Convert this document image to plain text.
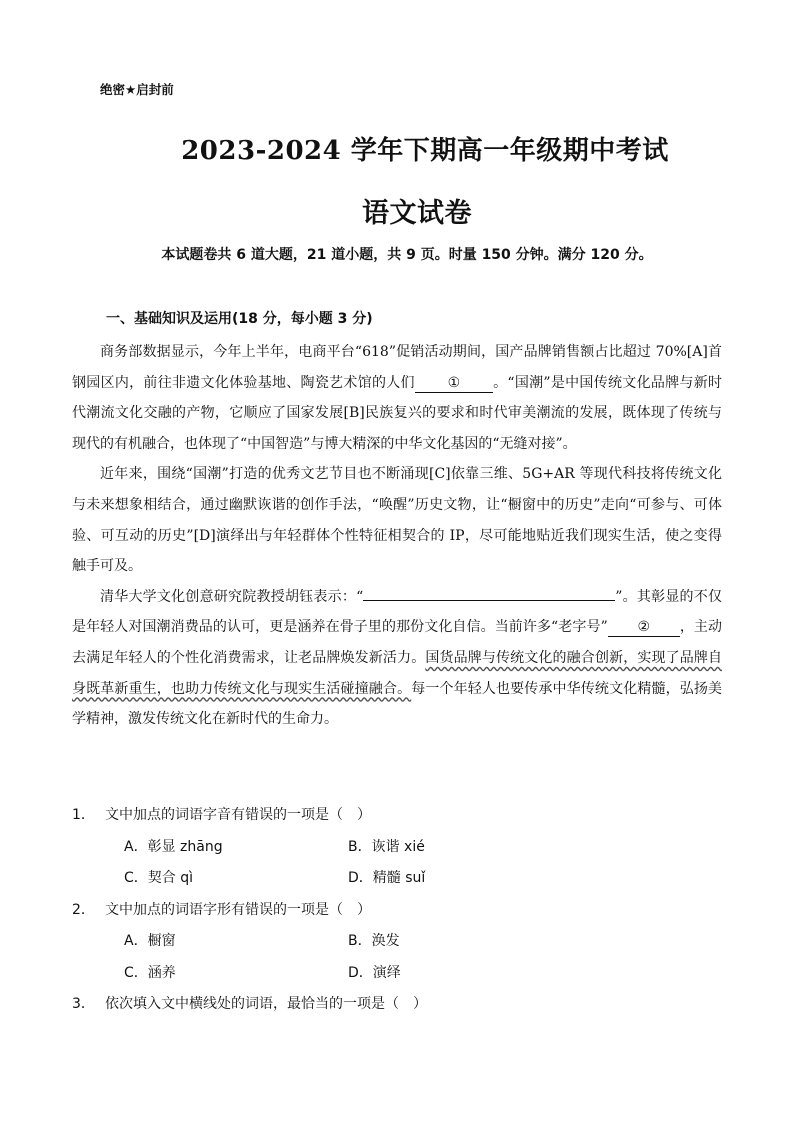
绝密★启封前
2023-2024 学年下期高一年级期中考试
语文试卷
本试题卷共 6 道大题，21 道小题，共 9 页。时量 150 分钟。满分 120 分。
一、基础知识及运用(18 分，每小题 3 分)

商务部数据显示，今年上半年，电商平台“618”促销活动期间，国产品牌销售额占比超过 70%[A]首钢园区内，前往非遗文化体验基地、陶瓷艺术馆的人们 ① 。“国潮”是中国传统文化品牌与新时代潮流文化交融的产物，它顺应了国家发展[B]民族复兴的要求和时代审美潮流的发展，既体现了传统与现代的有机融合，也体现了“中国智造”与博大精深的中华文化基因的“无缝对接”。

近年来，围绕“国潮”打造的优秀文艺节目也不断涌现[C]依靠三维、5G+AR 等现代科技将传统文化与未来想象相结合，通过幽默诙谐的创作手法，“唤醒”历史文物，让“橱窗中的历史”走向“可参与、可体验、可互动的历史”[D]演绎出与年轻群体个性特征相契合的 IP，尽可能地贴近我们现实生活，使之变得触手可及。

清华大学文化创意研究院教授胡钰表示：“	”。其彰显的不仅是年轻人对国潮消费品的认可，更是涵养在骨子里的那份文化自信。当前许多“老字号” ② ，主动去满足年轻人的个性化消费需求，让老品牌焕发新活力。国货品牌与传统文化的融合创新，实现了品牌自身既革新重生，也助力传统文化与现实生活碰撞融合。每一个年轻人也要传承中华传统文化精髓，弘扬美学精神，激发传统文化在新时代的生命力。

1． 文中加点的词语字音有错误的一项是（　）
A．彰显 zhāng	B．诙谐 xié
C．契合 qì	D．精髓 suǐ
2． 文中加点的词语字形有错误的一项是（　）
A．橱窗	B．涣发
C．涵养	D．演绎
3． 依次填入文中横线处的词语，最恰当的一项是（　）
